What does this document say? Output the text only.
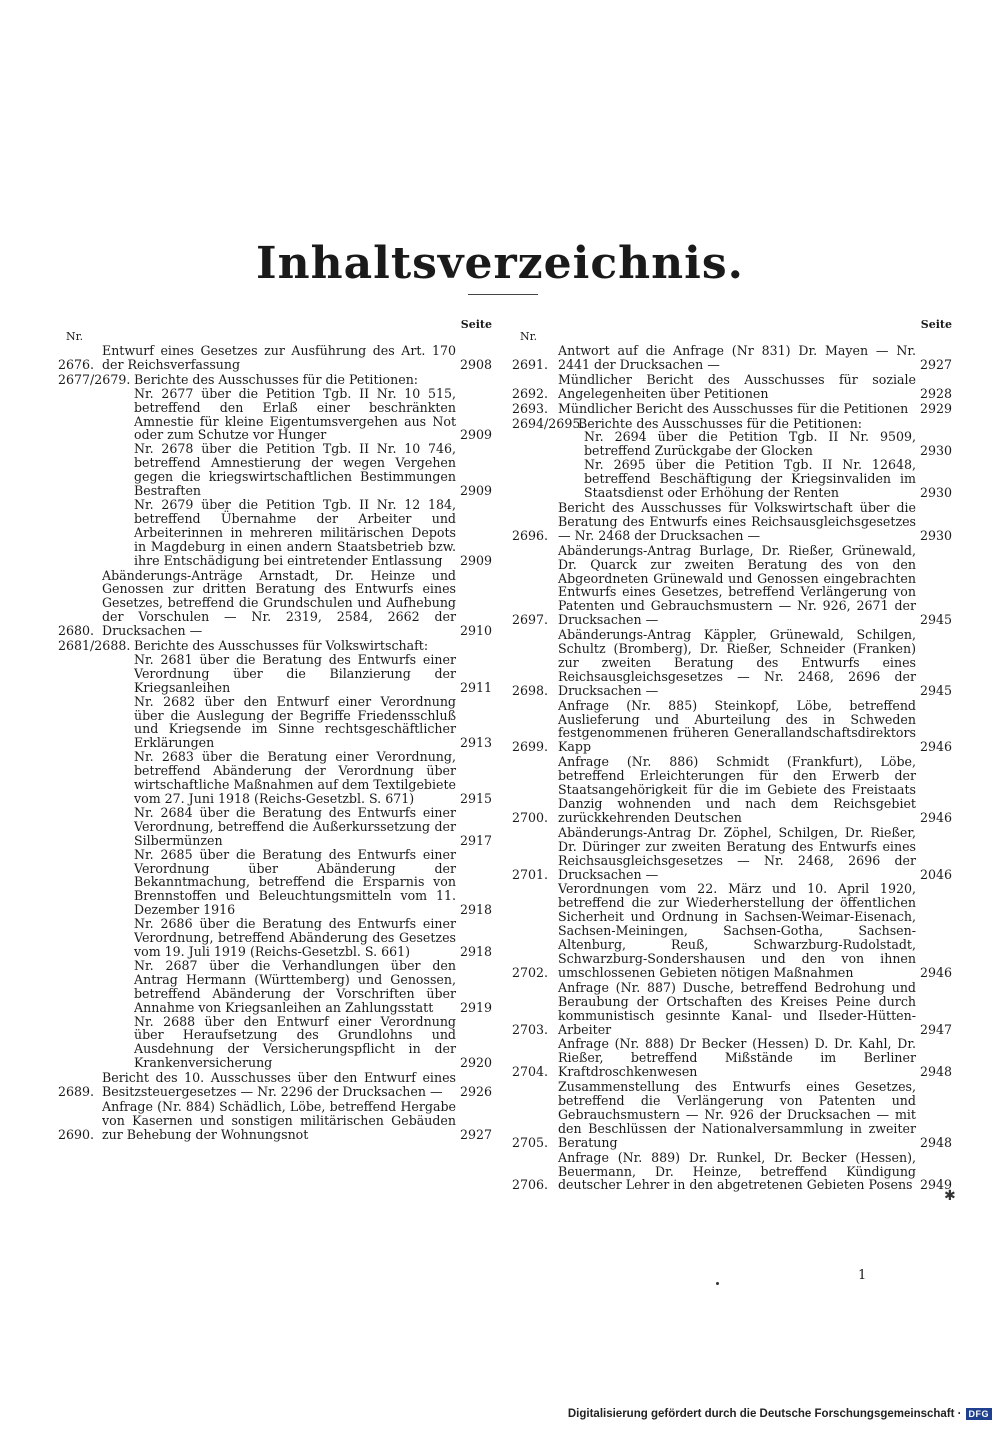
Inhaltsverzeichnis.
Nr.
Seite
2676.
Entwurf eines Gesetzes zur Ausführung des Art. 170 der Reichsverfassung	2908
2677/2679. Berichte des Ausschusses für die Petitionen:
Nr. 2677 über die Petition Tgb. II Nr. 10 515, betreffend den Erlaß einer beschränkten Amnestie für kleine Eigentumsvergehen aus Not oder zum Schutze vor Hunger	2909
Nr. 2678 über die Petition Tgb. II Nr. 10 746, betreffend Amnestierung der wegen Vergehen gegen die kriegswirtschaftlichen Bestimmungen Bestraften	2909
Nr. 2679 über die Petition Tgb. II Nr. 12 184, betreffend Übernahme der Arbeiter und Arbeiterinnen in mehreren militärischen Depots in Magdeburg in einen andern Staatsbetrieb bzw. ihre Entschädigung bei eintretender Entlassung	2909
2680.
Abänderungs-Anträge Arnstadt, Dr. Heinze und Genossen zur dritten Beratung des Entwurfs eines Gesetzes, betreffend die Grundschulen und Aufhebung der Vorschulen — Nr. 2319, 2584, 2662 der Drucksachen —	2910
2681/2688. Berichte des Ausschusses für Volkswirtschaft:
Nr. 2681 über die Beratung des Entwurfs einer Verordnung über die Bilanzierung der Kriegsanleihen	2911
Nr. 2682 über den Entwurf einer Verordnung über die Auslegung der Begriffe Friedensschluß und Kriegsende im Sinne rechtsgeschäftlicher Erklärungen	2913
Nr. 2683 über die Beratung einer Verordnung, betreffend Abänderung der Verordnung über wirtschaftliche Maßnahmen auf dem Textilgebiete vom 27. Juni 1918 (Reichs-Gesetzbl. S. 671)	2915
Nr. 2684 über die Beratung des Entwurfs einer Verordnung, betreffend die Außerkurssetzung der Silbermünzen	2917
Nr. 2685 über die Beratung des Entwurfs einer Verordnung über Abänderung der Bekanntmachung, betreffend die Ersparnis von Brennstoffen und Beleuchtungsmitteln vom 11. Dezember 1916	2918
Nr. 2686 über die Beratung des Entwurfs einer Verordnung, betreffend Abänderung des Gesetzes vom 19. Juli 1919 (Reichs-Gesetzbl. S. 661)	2918
Nr. 2687 über die Verhandlungen über den Antrag Hermann (Württemberg) und Genossen, betreffend Abänderung der Vorschriften über Annahme von Kriegsanleihen an Zahlungsstatt	2919
Nr. 2688 über den Entwurf einer Verordnung über Heraufsetzung des Grundlohns und Ausdehnung der Versicherungspflicht in der Krankenversicherung	2920
2689.
Bericht des 10. Ausschusses über den Entwurf eines Besitzsteuergesetzes — Nr. 2296 der Drucksachen —	2926
2690.
Anfrage (Nr. 884) Schädlich, Löbe, betreffend Hergabe von Kasernen und sonstigen militärischen Gebäuden zur Behebung der Wohnungsnot	2927
Nr.
Seite
2691.
Antwort auf die Anfrage (Nr 831) Dr. Mayen — Nr. 2441 der Drucksachen —	2927
2692.
Mündlicher Bericht des Ausschusses für soziale Angelegenheiten über Petitionen	2928
2693. Mündlicher Bericht des Ausschusses für die Petitionen 2929
2694/2695.
Berichte des Ausschusses für die Petitionen:
Nr. 2694 über die Petition Tgb. II Nr. 9509, betreffend Zurückgabe der Glocken	2930
Nr. 2695 über die Petition Tgb. II Nr. 12648, betreffend Beschäftigung der Kriegsinvaliden im Staatsdienst oder Erhöhung der Renten	2930
2696.
Bericht des Ausschusses für Volkswirtschaft über die Beratung des Entwurfs eines Reichsausgleichsgesetzes — Nr. 2468 der Drucksachen —	2930
2697.
Abänderungs-Antrag Burlage, Dr. Rießer, Grünewald, Dr. Quarck zur zweiten Beratung des von den Abgeordneten Grünewald und Genossen eingebrachten Entwurfs eines Gesetzes, betreffend Verlängerung von Patenten und Gebrauchsmustern — Nr. 926, 2671 der Drucksachen —	2945
2698.
Abänderungs-Antrag Käppler, Grünewald, Schilgen, Schultz (Bromberg), Dr. Rießer, Schneider (Franken) zur zweiten Beratung des Entwurfs eines Reichsausgleichsgesetzes — Nr. 2468, 2696 der Drucksachen —	2945
2699.
Anfrage (Nr. 885) Steinkopf, Löbe, betreffend Auslieferung und Aburteilung des in Schweden festgenommenen früheren Generallandschaftsdirektors Kapp	2946
2700.
Anfrage (Nr. 886) Schmidt (Frankfurt), Löbe, betreffend Erleichterungen für den Erwerb der Staatsangehörigkeit für die im Gebiete des Freistaats Danzig wohnenden und nach dem Reichsgebiet zurückkehrenden Deutschen	2946
2701.
Abänderungs-Antrag Dr. Zöphel, Schilgen, Dr. Rießer, Dr. Düringer zur zweiten Beratung des Entwurfs eines Reichsausgleichsgesetzes — Nr. 2468, 2696 der Drucksachen —	2046
2702.
Verordnungen vom 22. März und 10. April 1920, betreffend die zur Wiederherstellung der öffentlichen Sicherheit und Ordnung in Sachsen-Weimar-Eisenach, Sachsen-Meiningen, Sachsen-Gotha, Sachsen-Altenburg, Reuß, Schwarzburg-Rudolstadt, Schwarzburg-Sondershausen und den von ihnen umschlossenen Gebieten nötigen Maßnahmen	2946
2703.
Anfrage (Nr. 887) Dusche, betreffend Bedrohung und Beraubung der Ortschaften des Kreises Peine durch kommunistisch gesinnte Kanal- und Ilseder-Hütten-Arbeiter	2947
2704.
Anfrage (Nr. 888) Dr Becker (Hessen) D. Dr. Kahl, Dr. Rießer, betreffend Mißstände im Berliner Kraftdroschkenwesen	2948
2705.
Zusammenstellung des Entwurfs eines Gesetzes, betreffend die Verlängerung von Patenten und Gebrauchsmustern — Nr. 926 der Drucksachen — mit den Beschlüssen der Nationalversammlung in zweiter Beratung	2948
2706.
Anfrage (Nr. 889) Dr. Runkel, Dr. Becker (Hessen), Beuermann, Dr. Heinze, betreffend Kündigung deutscher Lehrer in den abgetretenen Gebieten Posens 2949
✱
1
Digitalisierung gefördert durch die Deutsche Forschungsgemeinschaft · DFG
